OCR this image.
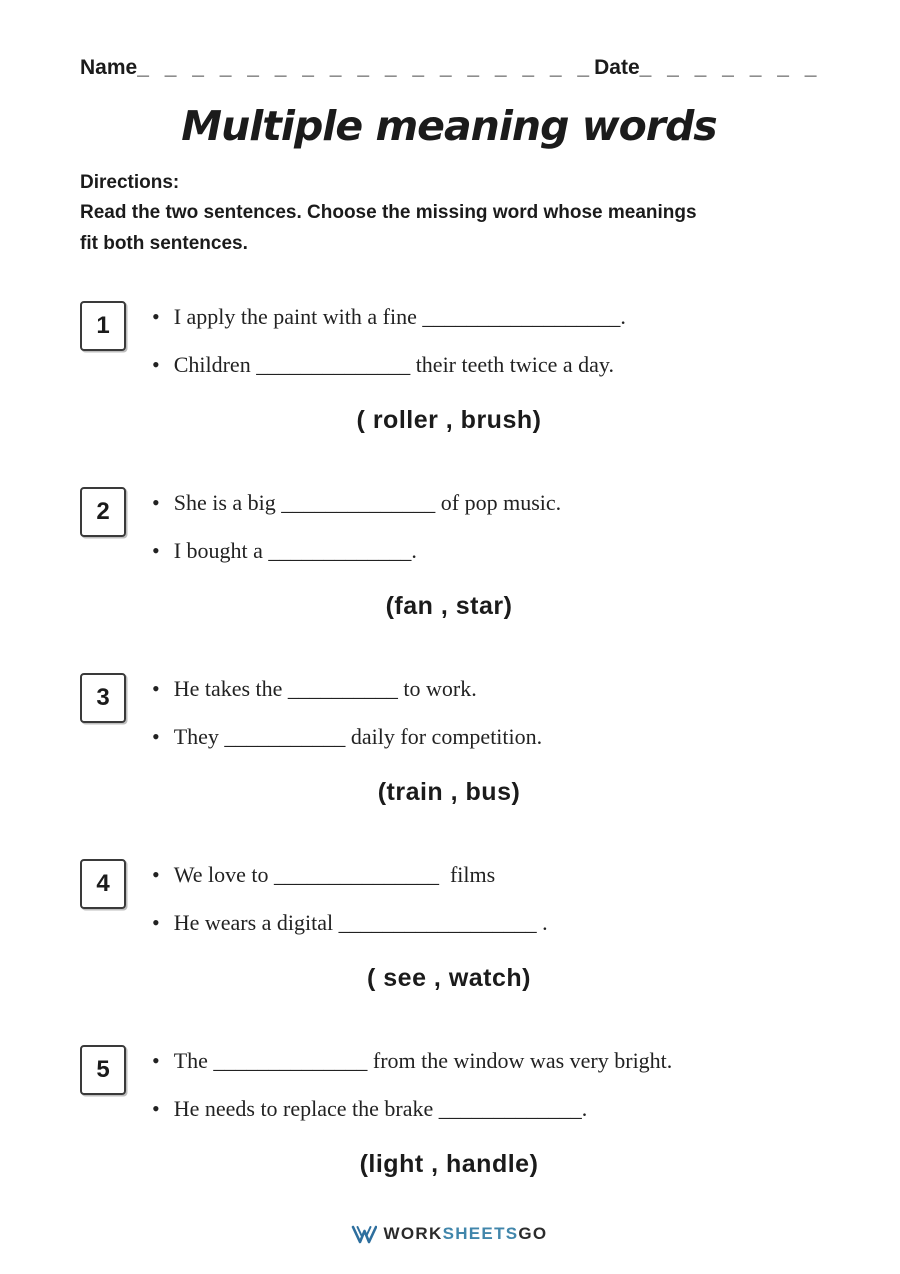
Name _ _ _ _ _ _ _ _ _ _ _ _ _ _ _ _ _ Date _ _ _ _ _ _ _
Multiple meaning words
Directions:
Read the two sentences. Choose the missing word whose meanings
fit both sentences.
1 • I apply the paint with a fine __________________.
• Children ______________ their teeth twice a day.
( roller , brush)
2 • She is a big ______________ of pop music.
• I bought a _____________.
(fan , star)
3 • He takes the __________ to work.
• They ___________ daily for competition.
(train , bus)
4 • We love to _______________  films
• He wears a digital __________________ .
( see , watch)
5 • The ______________ from the window was very bright.
• He needs to replace the brake _____________.
(light , handle)
WORKSHEETSGO
